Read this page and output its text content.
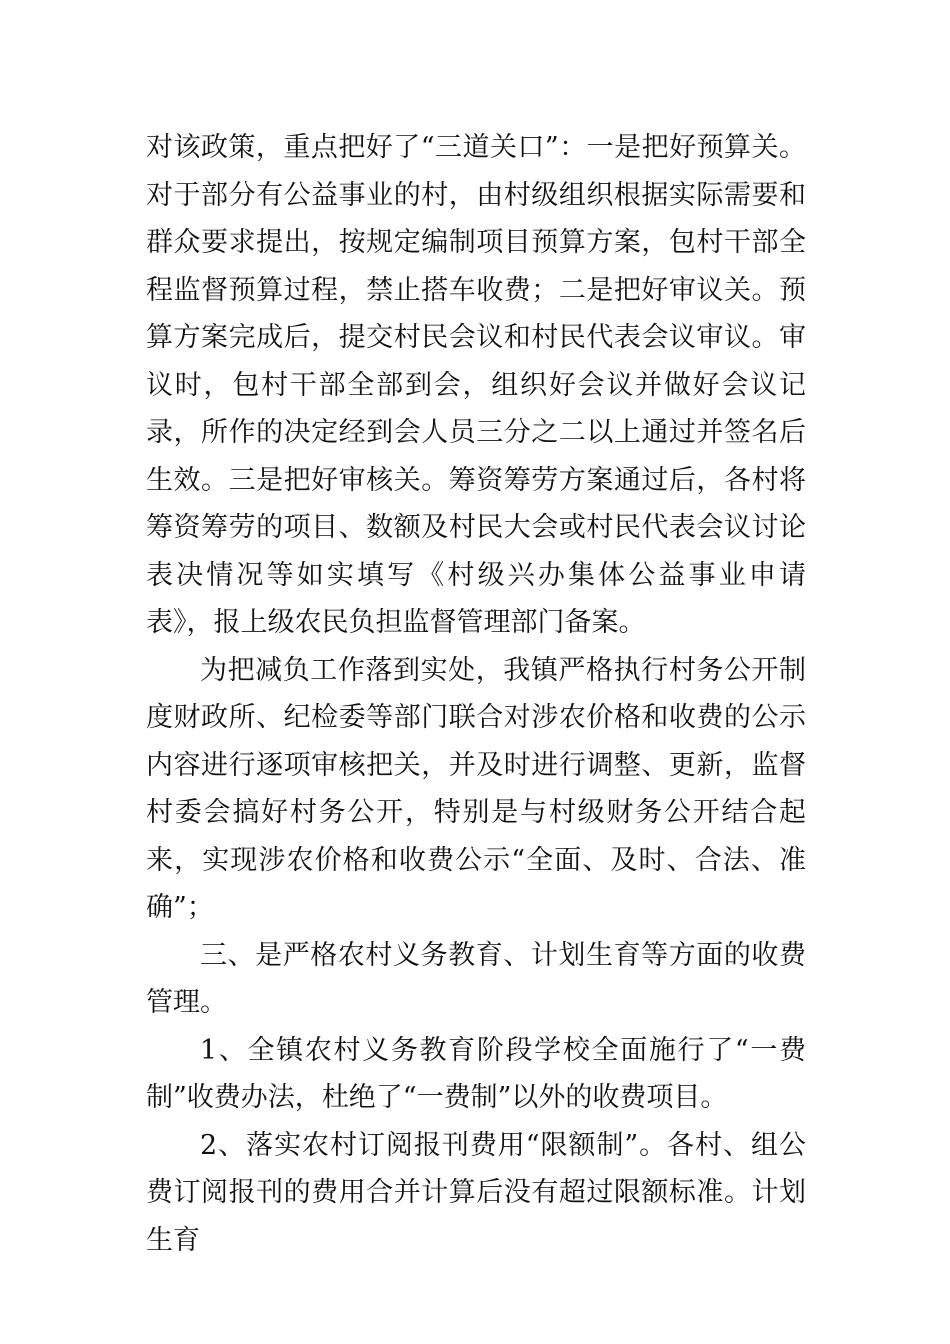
对该政策，重点把好了“三道关口”：一是把好预算关。对于部分有公益事业的村，由村级组织根据实际需要和群众要求提出，按规定编制项目预算方案，包村干部全程监督预算过程，禁止搭车收费；二是把好审议关。预算方案完成后，提交村民会议和村民代表会议审议。审议时，包村干部全部到会，组织好会议并做好会议记录，所作的决定经到会人员三分之二以上通过并签名后生效。三是把好审核关。筹资筹劳方案通过后，各村将筹资筹劳的项目、数额及村民大会或村民代表会议讨论表决情况等如实填写《村级兴办集体公益事业申请表》，报上级农民负担监督管理部门备案。

为把减负工作落到实处，我镇严格执行村务公开制度财政所、纪检委等部门联合对涉农价格和收费的公示内容进行逐项审核把关，并及时进行调整、更新，监督村委会搞好村务公开，特别是与村级财务公开结合起来，实现涉农价格和收费公示“全面、及时、合法、准确”；

三、是严格农村义务教育、计划生育等方面的收费管理。

1、全镇农村义务教育阶段学校全面施行了“一费制”收费办法，杜绝了“一费制”以外的收费项目。

2、落实农村订阅报刊费用“限额制”。各村、组公费订阅报刊的费用合并计算后没有超过限额标准。计划生育
